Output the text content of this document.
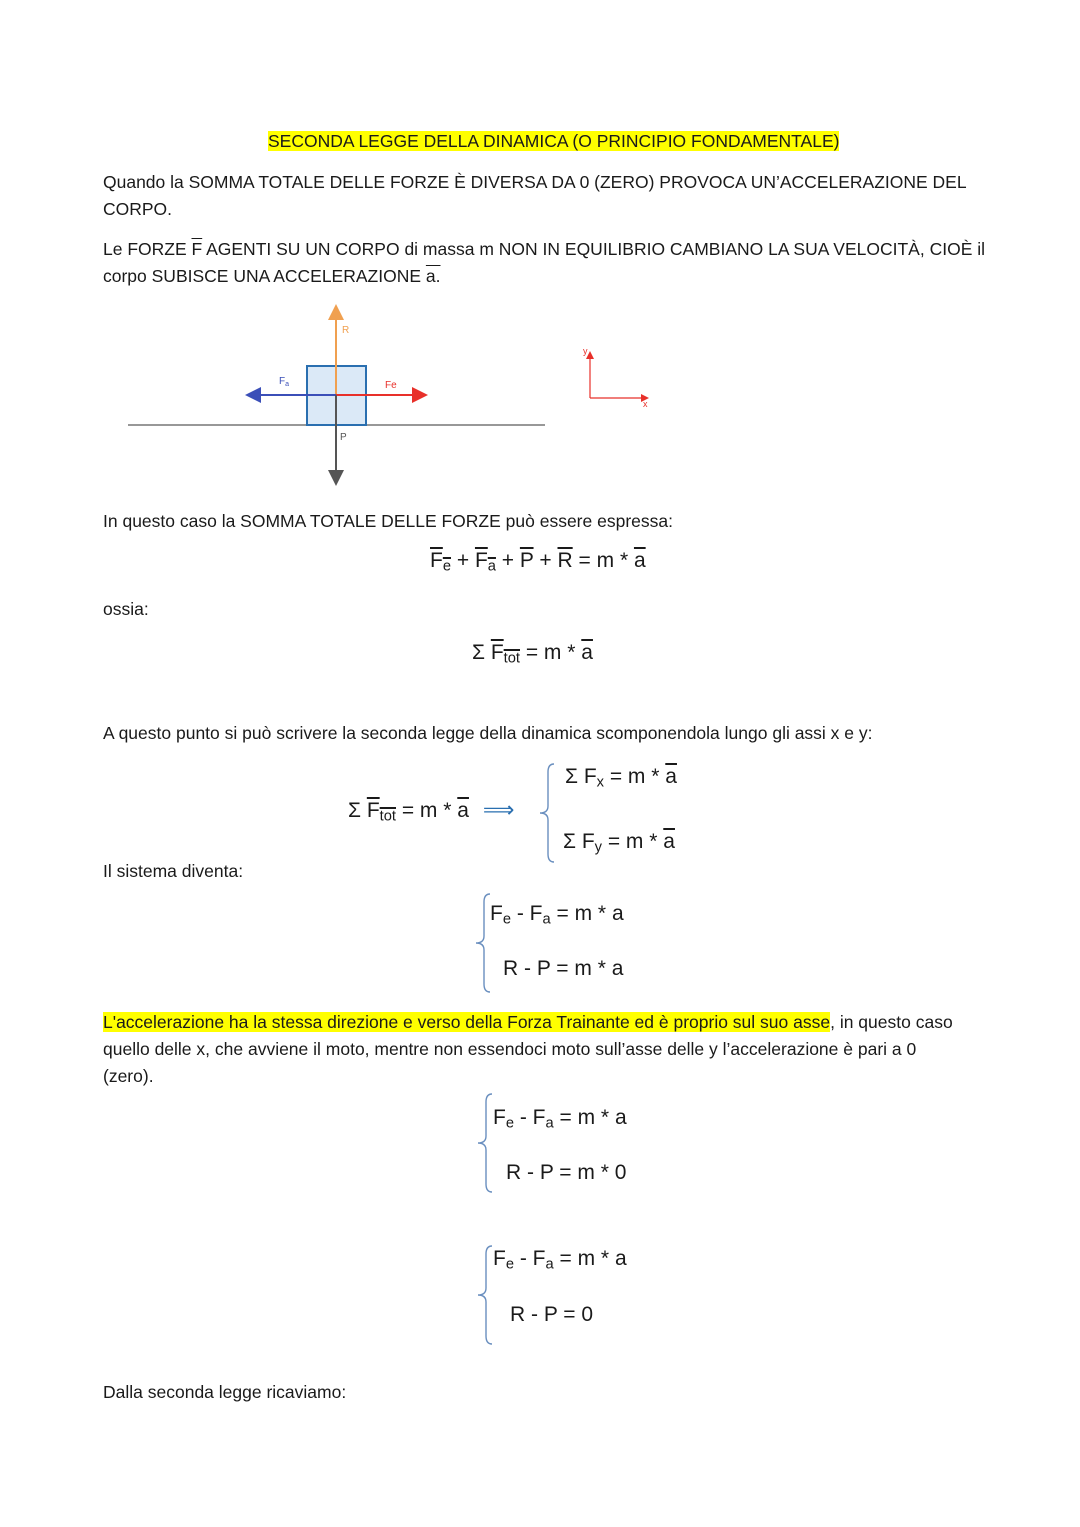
SECONDA LEGGE DELLA DINAMICA (O PRINCIPIO FONDAMENTALE)
Quando la SOMMA TOTALE DELLE FORZE È DIVERSA DA 0 (ZERO) PROVOCA UN’ACCELERAZIONE DEL
CORPO.
Le FORZE $\overline{F}$ AGENTI SU UN CORPO di massa m NON IN EQUILIBRIO CAMBIANO LA SUA VELOCITÀ, CIOÈ il
corpo SUBISCE UNA ACCELERAZIONE a.
R
$F_a$	Fe
P
y
x
In questo caso la SOMMA TOTALE DELLE FORZE può essere espressa:
$F_e + F_a + \overline{P} + \overline{R} = m * \overline{a}$
ossia:
Σ $F_{tot} = m * \overline{a}$
A questo punto si può scrivere la seconda legge della dinamica scomponendola lungo gli assi x e y:
Σ $F_{tot} = m * \overline{a}$ ⟹
Σ $F_x = m * \overline{a}$
Σ $F_y = m * \overline{a}$
Il sistema diventa:
$F_e - F_a = m * a$
R - P = m * a
L'accelerazione ha la stessa direzione e verso della Forza Trainante ed è proprio sul suo asse, in questo caso
quello delle x, che avviene il moto, mentre non essendoci moto sull’asse delle y l’accelerazione è pari a 0
(zero).
$F_e - F_a = m * a$
R - P = m * 0
$F_e - F_a = m * a$
R - P = 0
Dalla seconda legge ricaviamo:
